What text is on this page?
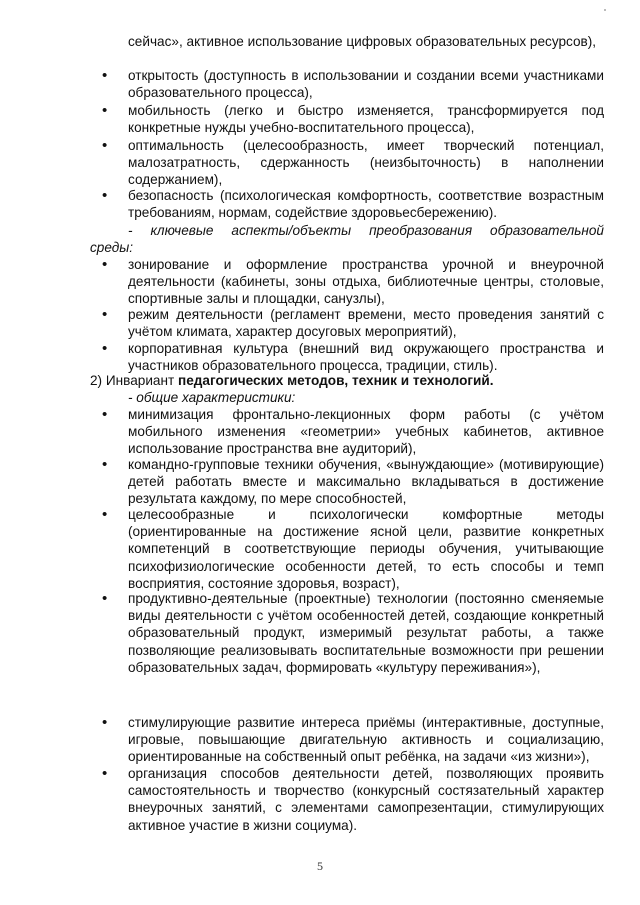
сейчас», активное использование цифровых образовательных ресурсов),

• открытость (доступность в использовании и создании всеми участниками образовательного процесса),

• мобильность (легко и быстро изменяется, трансформируется под конкретные нужды учебно-воспитательного процесса),

• оптимальность (целесообразность, имеет творческий потенциал, малозатратность, сдержанность (неизбыточность) в наполнении содержанием),

• безопасность (психологическая комфортность, соответствие возрастным требованиям, нормам, содействие здоровьесбережению).

- ключевые аспекты/объекты преобразования образовательной

среды:

• зонирование и оформление пространства урочной и внеурочной деятельности (кабинеты, зоны отдыха, библиотечные центры, столовые, спортивные залы и площадки, санузлы),

• режим деятельности (регламент времени, место проведения занятий с учётом климата, характер досуговых мероприятий),

• корпоративная культура (внешний вид окружающего пространства и участников образовательного процесса, традиции, стиль).

2) Инвариант педагогических методов, техник и технологий.

- общие характеристики:

• минимизация фронтально-лекционных форм работы (с учётом мобильного изменения «геометрии» учебных кабинетов, активное использование пространства вне аудиторий),

• командно-групповые техники обучения, «вынуждающие» (мотивирующие) детей работать вместе и максимально вкладываться в достижение результата каждому, по мере способностей,

• целесообразные и психологически комфортные методы (ориентированные на достижение ясной цели, развитие конкретных компетенций в соответствующие периоды обучения, учитывающие психофизиологические особенности детей, то есть способы и темп восприятия, состояние здоровья, возраст),

• продуктивно-деятельные (проектные) технологии (постоянно сменяемые виды деятельности с учётом особенностей детей, создающие конкретный образовательный продукт, измеримый результат работы, а также позволяющие реализовывать воспитательные возможности при решении образовательных задач, формировать «культуру переживания»),

• стимулирующие развитие интереса приёмы (интерактивные, доступные, игровые, повышающие двигательную активность и социализацию, ориентированные на собственный опыт ребёнка, на задачи «из жизни»),

• организация способов деятельности детей, позволяющих проявить самостоятельность и творчество (конкурсный состязательный характер внеурочных занятий, с элементами самопрезентации, стимулирующих активное участие в жизни социума).

5
